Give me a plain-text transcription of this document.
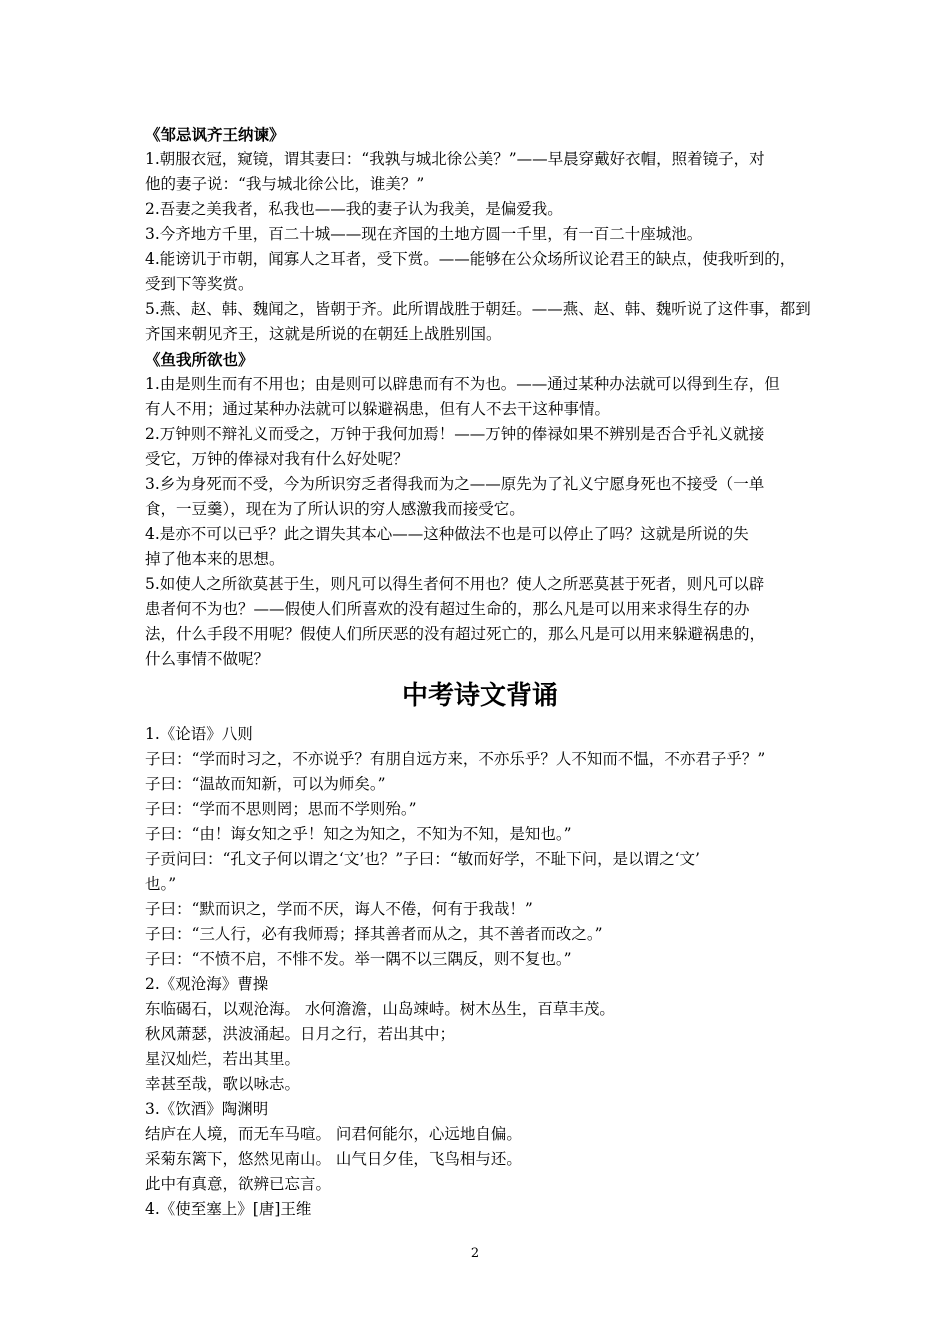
《邹忌讽齐王纳谏》
1.朝服衣冠，窥镜，谓其妻曰：“我孰与城北徐公美？”——早晨穿戴好衣帽，照着镜子，对
他的妻子说：“我与城北徐公比，谁美？”
2.吾妻之美我者，私我也——我的妻子认为我美，是偏爱我。
3.今齐地方千里，百二十城——现在齐国的土地方圆一千里，有一百二十座城池。
4.能谤讥于市朝，闻寡人之耳者，受下赏。——能够在公众场所议论君王的缺点，使我听到的，
受到下等奖赏。
5.燕、赵、韩、魏闻之，皆朝于齐。此所谓战胜于朝廷。——燕、赵、韩、魏听说了这件事，都到
齐国来朝见齐王，这就是所说的在朝廷上战胜别国。
《鱼我所欲也》
1.由是则生而有不用也；由是则可以辟患而有不为也。——通过某种办法就可以得到生存，但
有人不用；通过某种办法就可以躲避祸患，但有人不去干这种事情。
2.万钟则不辩礼义而受之，万钟于我何加焉！——万钟的俸禄如果不辨别是否合乎礼义就接
受它，万钟的俸禄对我有什么好处呢？
3.乡为身死而不受，今为所识穷乏者得我而为之——原先为了礼义宁愿身死也不接受（一单
食，一豆羹），现在为了所认识的穷人感激我而接受它。
4.是亦不可以已乎？此之谓失其本心——这种做法不也是可以停止了吗？这就是所说的失
掉了他本来的思想。
5.如使人之所欲莫甚于生，则凡可以得生者何不用也？使人之所恶莫甚于死者，则凡可以辟
患者何不为也？——假使人们所喜欢的没有超过生命的，那么凡是可以用来求得生存的办
法，什么手段不用呢？假使人们所厌恶的没有超过死亡的，那么凡是可以用来躲避祸患的，
什么事情不做呢？
中考诗文背诵
1.《论语》八则
子曰：“学而时习之，不亦说乎？有朋自远方来，不亦乐乎？人不知而不愠，不亦君子乎？”
子曰：“温故而知新，可以为师矣。”
子曰：“学而不思则罔；思而不学则殆。”
子曰：“由！诲女知之乎！知之为知之，不知为不知，是知也。”
子贡问曰：“孔文子何以谓之‘文’也？”子曰：“敏而好学，不耻下问，是以谓之‘文’
也。”
子曰：“默而识之，学而不厌，诲人不倦，何有于我哉！”
子曰：“三人行，必有我师焉；择其善者而从之，其不善者而改之。”
子曰：“不愤不启，不悱不发。举一隅不以三隅反，则不复也。”
2.《观沧海》曹操
东临碣石，以观沧海。 水何澹澹，山岛竦峙。树木丛生，百草丰茂。
秋风萧瑟，洪波涌起。日月之行，若出其中；
星汉灿烂，若出其里。
幸甚至哉，歌以咏志。
3.《饮酒》陶渊明
结庐在人境，而无车马喧。 问君何能尔，心远地自偏。
采菊东篱下，悠然见南山。 山气日夕佳，飞鸟相与还。
此中有真意，欲辨已忘言。
4.《使至塞上》[唐]王维
2
